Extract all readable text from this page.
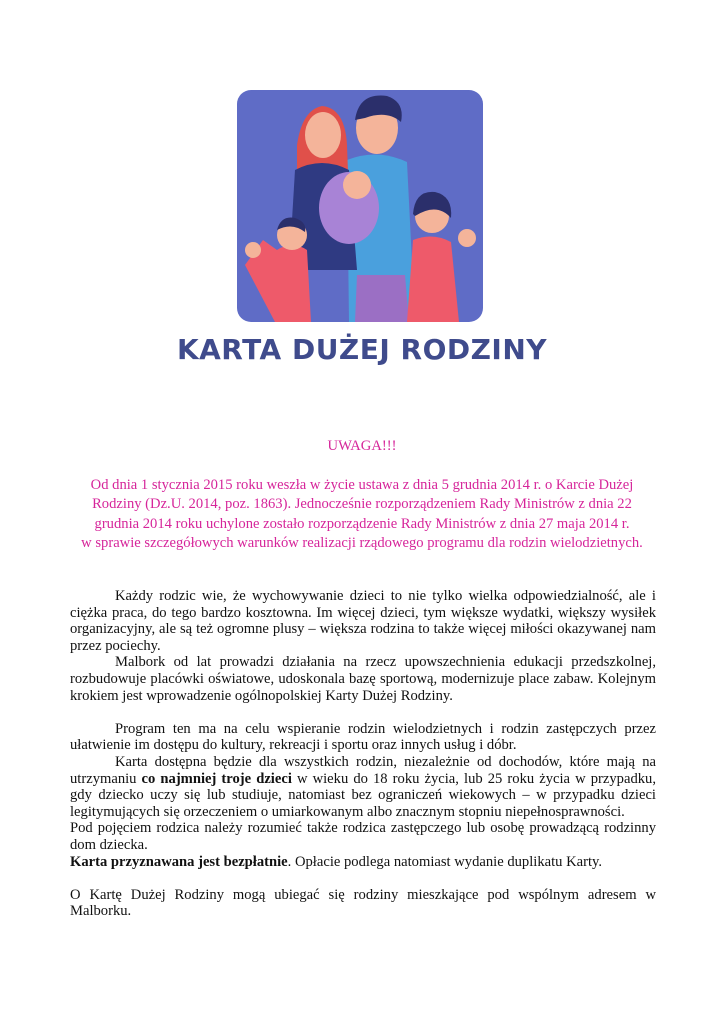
KARTA DUŻEJ RODZINY

UWAGA!!!

Od dnia 1 stycznia 2015 roku weszła w życie ustawa z dnia 5 grudnia 2014 r. o Karcie Dużej

Rodziny (Dz.U. 2014, poz. 1863). Jednocześnie rozporządzeniem Rady Ministrów z dnia 22

grudnia 2014 roku uchylone zostało rozporządzenie Rady Ministrów z dnia 27 maja 2014 r.

w sprawie szczegółowych warunków realizacji rządowego programu dla rodzin wielodzietnych.

Każdy rodzic wie, że wychowywanie dzieci to nie tylko wielka odpowiedzialność, ale i ciężka praca, do tego bardzo kosztowna. Im więcej dzieci, tym większe wydatki, większy wysiłek organizacyjny, ale są też ogromne plusy – większa rodzina to także więcej miłości okazywanej nam przez pociechy.

Malbork od lat prowadzi działania na rzecz upowszechnienia edukacji przedszkolnej, rozbudowuje placówki oświatowe, udoskonala bazę sportową, modernizuje place zabaw. Kolejnym krokiem jest wprowadzenie ogólnopolskiej Karty Dużej Rodziny.

Program ten ma na celu wspieranie rodzin wielodzietnych i rodzin zastępczych przez ułatwienie im dostępu do kultury, rekreacji i sportu oraz innych usług i dóbr.

Karta dostępna będzie dla wszystkich rodzin, niezależnie od dochodów, które mają na utrzymaniu co najmniej troje dzieci w wieku do 18 roku życia, lub 25 roku życia w przypadku, gdy dziecko uczy się lub studiuje, natomiast bez ograniczeń wiekowych – w przypadku dzieci legitymujących się orzeczeniem o umiarkowanym albo znacznym stopniu niepełnosprawności.

Pod pojęciem rodzica należy rozumieć także rodzica zastępczego lub osobę prowadzącą rodzinny dom dziecka.

Karta przyznawana jest bezpłatnie. Opłacie podlega natomiast wydanie duplikatu Karty.

O Kartę Dużej Rodziny mogą ubiegać się rodziny mieszkające pod wspólnym adresem w Malborku.
